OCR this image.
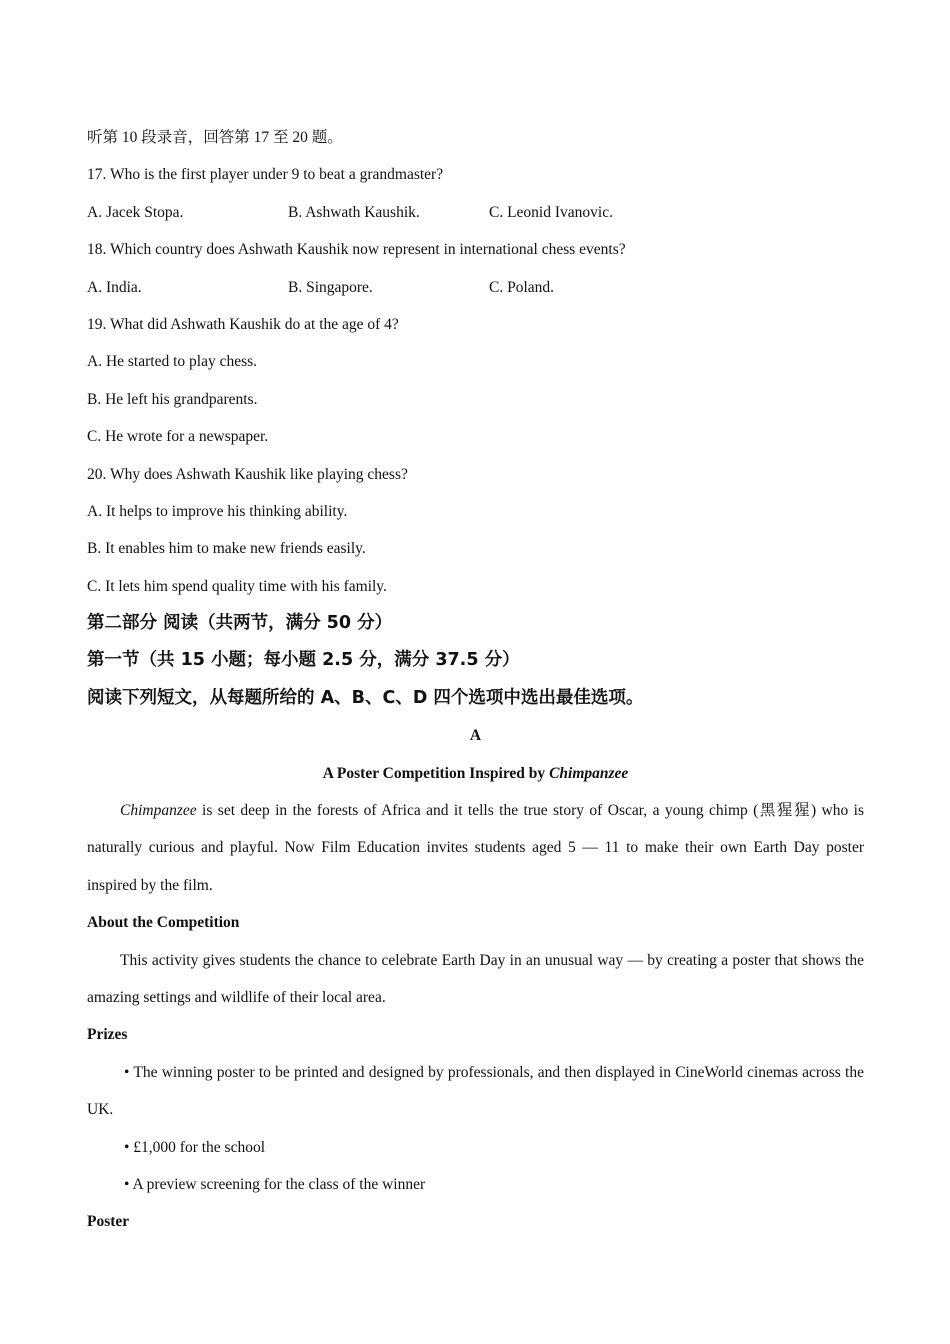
听第 10 段录音，回答第 17 至 20 题。
17. Who is the first player under 9 to beat a grandmaster?
A. Jacek Stopa.	B. Ashwath Kaushik.	C. Leonid Ivanovic.
18. Which country does Ashwath Kaushik now represent in international chess events?
A. India.	B. Singapore.	C. Poland.
19. What did Ashwath Kaushik do at the age of 4?
A. He started to play chess.
B. He left his grandparents.
C. He wrote for a newspaper.
20. Why does Ashwath Kaushik like playing chess?
A. It helps to improve his thinking ability.
B. It enables him to make new friends easily.
C. It lets him spend quality time with his family.
第二部分 阅读（共两节，满分 50 分）
第一节（共 15 小题；每小题 2.5 分，满分 37.5 分）
阅读下列短文，从每题所给的 A、B、C、D 四个选项中选出最佳选项。
A
A Poster Competition Inspired by Chimpanzee
Chimpanzee is set deep in the forests of Africa and it tells the true story of Oscar, a young chimp (黑猩猩) who is naturally curious and playful. Now Film Education invites students aged 5 — 11 to make their own Earth Day poster inspired by the film.
About the Competition
This activity gives students the chance to celebrate Earth Day in an unusual way — by creating a poster that shows the amazing settings and wildlife of their local area.
Prizes
• The winning poster to be printed and designed by professionals, and then displayed in CineWorld cinemas across the UK.
• £1,000 for the school
• A preview screening for the class of the winner
Poster
